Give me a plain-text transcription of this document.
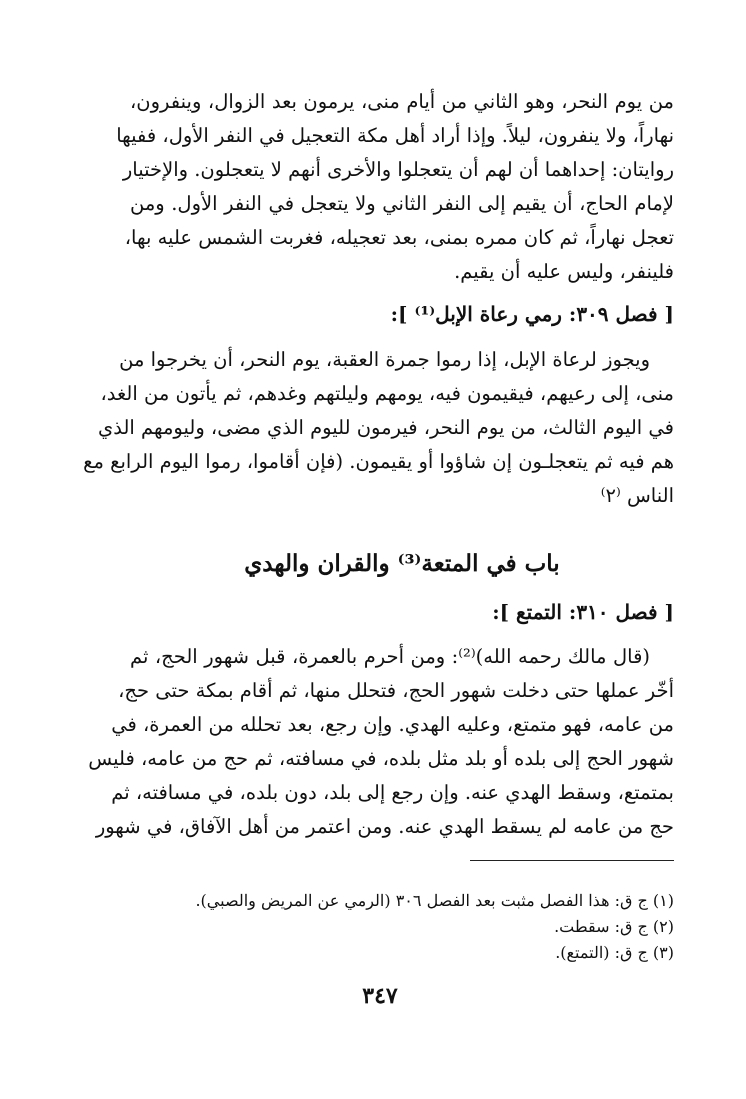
من يوم النحر، وهو الثاني من أيام منى، يرمون بعد الزوال، وينفرون،
نهاراً، ولا ينفرون، ليلاً. وإذا أراد أهل مكة التعجيل في النفر الأول، ففيها
روايتان: إحداهما أن لهم أن يتعجلوا والأخرى أنهم لا يتعجلون. والإختيار
لإمام الحاج، أن يقيم إلى النفر الثاني ولا يتعجل في النفر الأول. ومن
تعجل نهاراً، ثم كان ممره بمنى، بعد تعجيله، فغربت الشمس عليه بها،
فلينفر، وليس عليه أن يقيم.
[ فصل ٣٠٩: رمي رعاة الإبل⁽¹⁾ ]:
ويجوز لرعاة الإبل، إذا رموا جمرة العقبة، يوم النحر، أن يخرجوا من
منى، إلى رعيهم، فيقيمون فيه، يومهم وليلتهم وغدهم، ثم يأتون من الغد،
في اليوم الثالث، من يوم النحر، فيرمون لليوم الذي مضى، وليومهم الذي
هم فيه ثم يتعجلـون إن شاؤوا أو يقيمون. (فإن أقاموا، رموا اليوم الرابع مع
الناس ⁽٢⁾
باب في المتعة⁽³⁾ والقران والهدي
[ فصل ٣١٠: التمتع ]:
(قال مالك رحمه الله)⁽²⁾: ومن أحرم بالعمرة، قبل شهور الحج، ثم
أخّر عملها حتى دخلت شهور الحج، فتحلل منها، ثم أقام بمكة حتى حج،
من عامه، فهو متمتع، وعليه الهدي. وإن رجع، بعد تحلله من العمرة، في
شهور الحج إلى بلده أو بلد مثل بلده، في مسافته، ثم حج من عامه، فليس
بمتمتع، وسقط الهدي عنه. وإن رجع إلى بلد، دون بلده، في مسافته، ثم
حج من عامه لم يسقط الهدي عنه. ومن اعتمر من أهل الآفاق، في شهور
(١) ج ق: هذا الفصل مثبت بعد الفصل ٣٠٦ (الرمي عن المريض والصبي).
(٢) ج ق: سقطت.
(٣) ج ق: (التمتع).
٣٤٧
